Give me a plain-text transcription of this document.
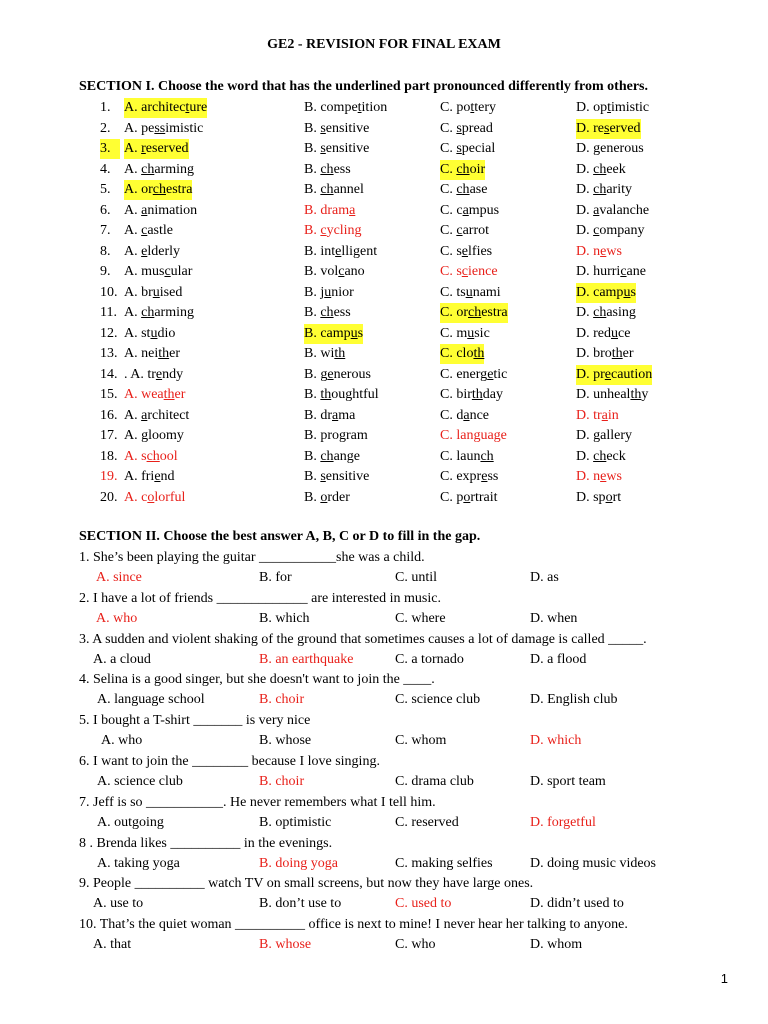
GE2 - REVISION FOR FINAL EXAM
SECTION I. Choose the word that has the underlined part pronounced differently from others.
1. A. architecture	B. competition	C. pottery	D. optimistic
2. A. pessimistic	B. sensitive	C. spread	D. reserved
3. A. reserved	B. sensitive	C. special	D. generous
4. A. charming	B. chess	C. choir	D. cheek
5. A. orchestra	B. channel	C. chase	D. charity
6. A. animation	B. drama	C. campus	D. avalanche
7. A. castle	B. cycling	C. carrot	D. company
8. A. elderly	B. intelligent	C. selfies	D. news
9. A. muscular	B. volcano	C. science	D. hurricane
10. A. bruised	B. junior	C. tsunami	D. campus
11. A. charming	B. chess	C. orchestra	D. chasing
12. A. studio	B. campus	C. music	D. reduce
13. A. neither	B. with	C. cloth	D. brother
14. . A. trendy	B. generous	C. energetic	D. precaution
15. A. weather	B. thoughtful	C. birthday	D. unhealthy
16. A. architect	B. drama	C. dance	D. train
17. A. gloomy	B. program	C. language	D. gallery
18. A. school	B. change	C. launch	D. check
19. A. friend	B. sensitive	C. express	D. news
20. A. colorful	B. order	C. portrait	D. sport
SECTION II. Choose the best answer A, B, C or D to fill in the gap.
1. She’s been playing the guitar ___________she was a child.
A. since	B. for	C. until	D. as
2. I have a lot of friends _____________ are interested in music.
A. who	B. which	C. where	D. when
3. A sudden and violent shaking of the ground that sometimes causes a lot of damage is called _____.
A. a cloud	B. an earthquake	C. a tornado	D. a flood
4. Selina is a good singer, but she doesn't want to join the ____.
A. language school	B. choir	C. science club	D. English club
5. I bought a T-shirt _______ is very nice
A. who	B. whose	C. whom	D. which
6. I want to join the ________ because I love singing.
A. science club	B. choir	C. drama club	D. sport team
7. Jeff is so ___________. He never remembers what I tell him.
A. outgoing	B. optimistic	C. reserved	D. forgetful
8 . Brenda likes __________ in the evenings.
A. taking yoga	B. doing yoga	C. making selfies	D. doing music videos
9. People __________ watch TV on small screens, but now they have large ones.
A. use to	B. don’t use to	C. used to	D. didn’t used to
10. That’s the quiet woman __________ office is next to mine! I never hear her talking to anyone.
A. that	B. whose	C. who	D. whom
1
